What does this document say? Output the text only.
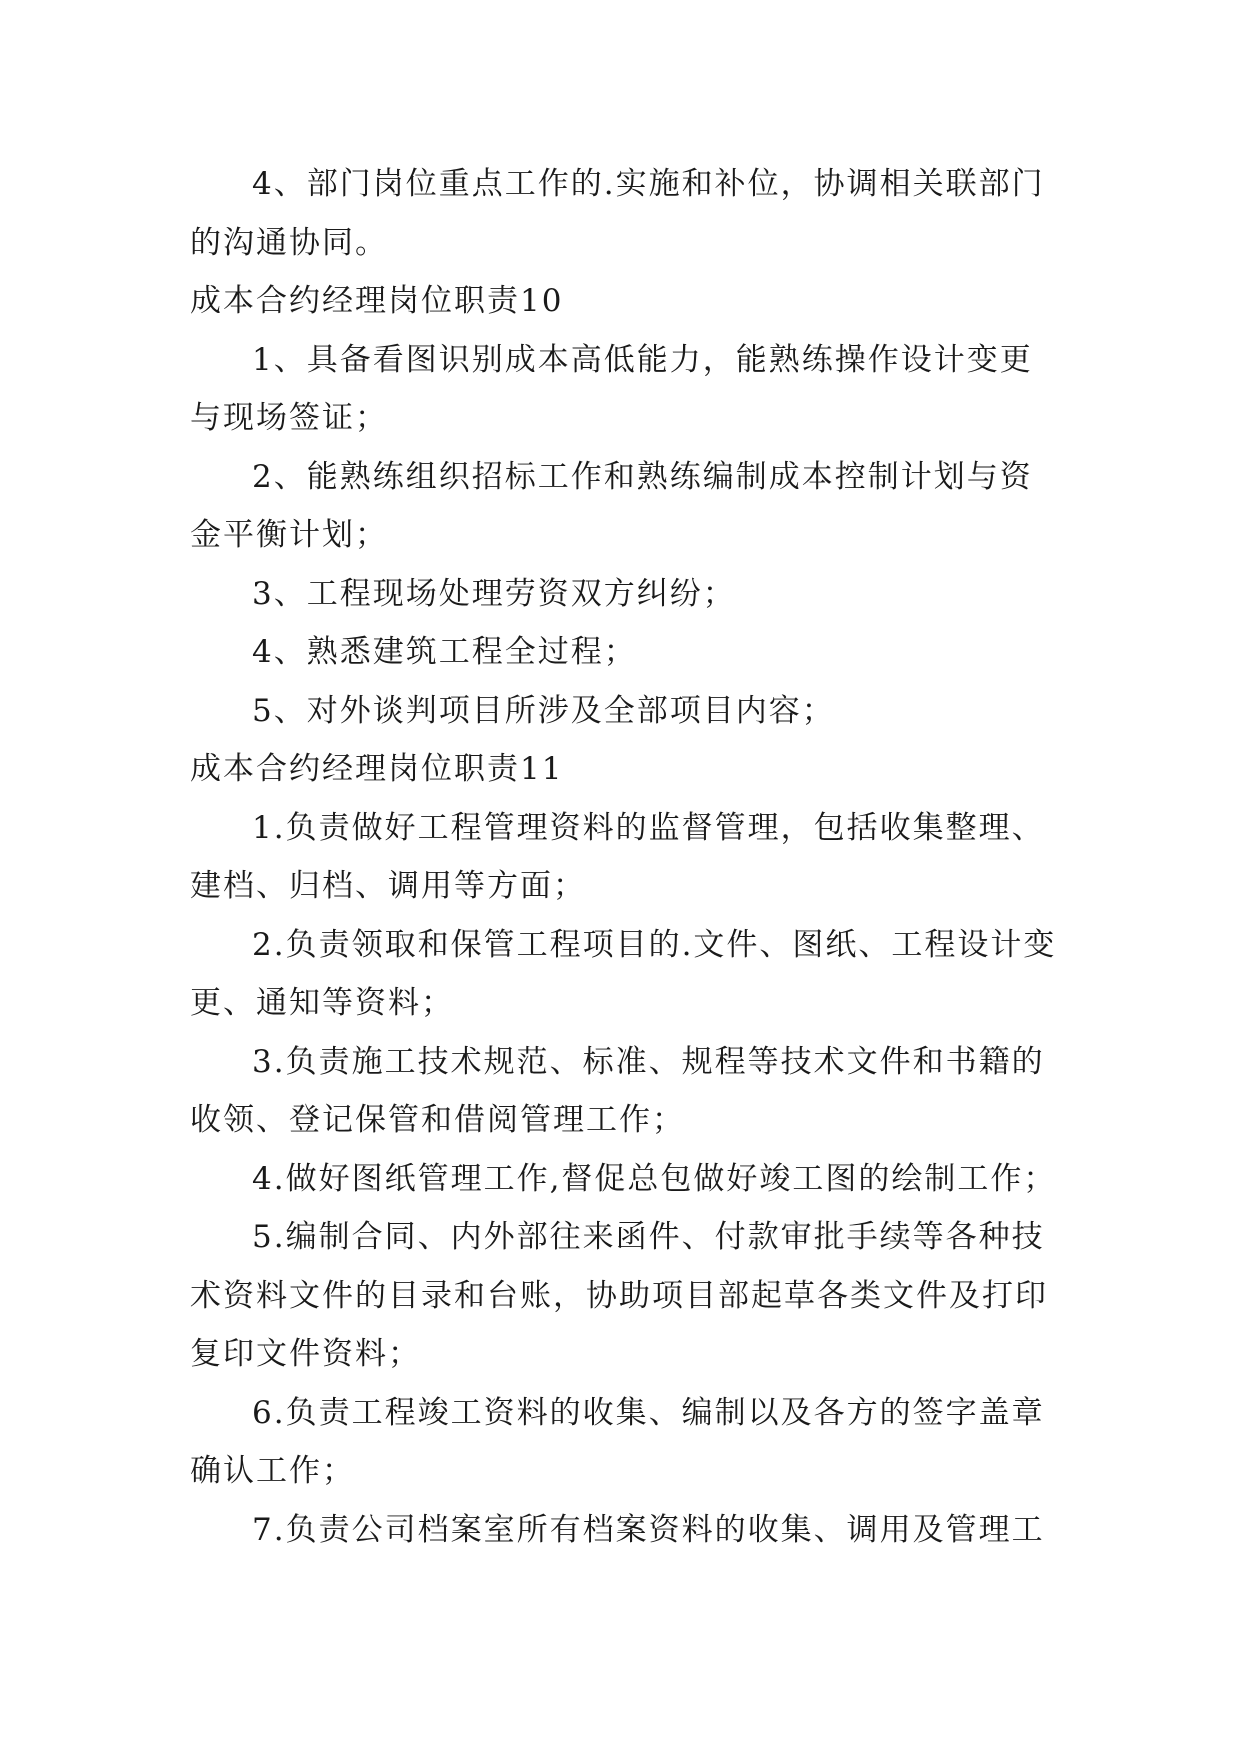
4、部门岗位重点工作的.实施和补位，协调相关联部门的沟通协同。

成本合约经理岗位职责10

1、具备看图识别成本高低能力，能熟练操作设计变更与现场签证；

2、能熟练组织招标工作和熟练编制成本控制计划与资金平衡计划；

3、工程现场处理劳资双方纠纷；

4、熟悉建筑工程全过程；

5、对外谈判项目所涉及全部项目内容；

成本合约经理岗位职责11

1.负责做好工程管理资料的监督管理，包括收集整理、建档、归档、调用等方面；

2.负责领取和保管工程项目的.文件、图纸、工程设计变更、通知等资料；

3.负责施工技术规范、标准、规程等技术文件和书籍的收领、登记保管和借阅管理工作；

4.做好图纸管理工作,督促总包做好竣工图的绘制工作；

5.编制合同、内外部往来函件、付款审批手续等各种技术资料文件的目录和台账，协助项目部起草各类文件及打印复印文件资料；

6.负责工程竣工资料的收集、编制以及各方的签字盖章确认工作；

7.负责公司档案室所有档案资料的收集、调用及管理工
